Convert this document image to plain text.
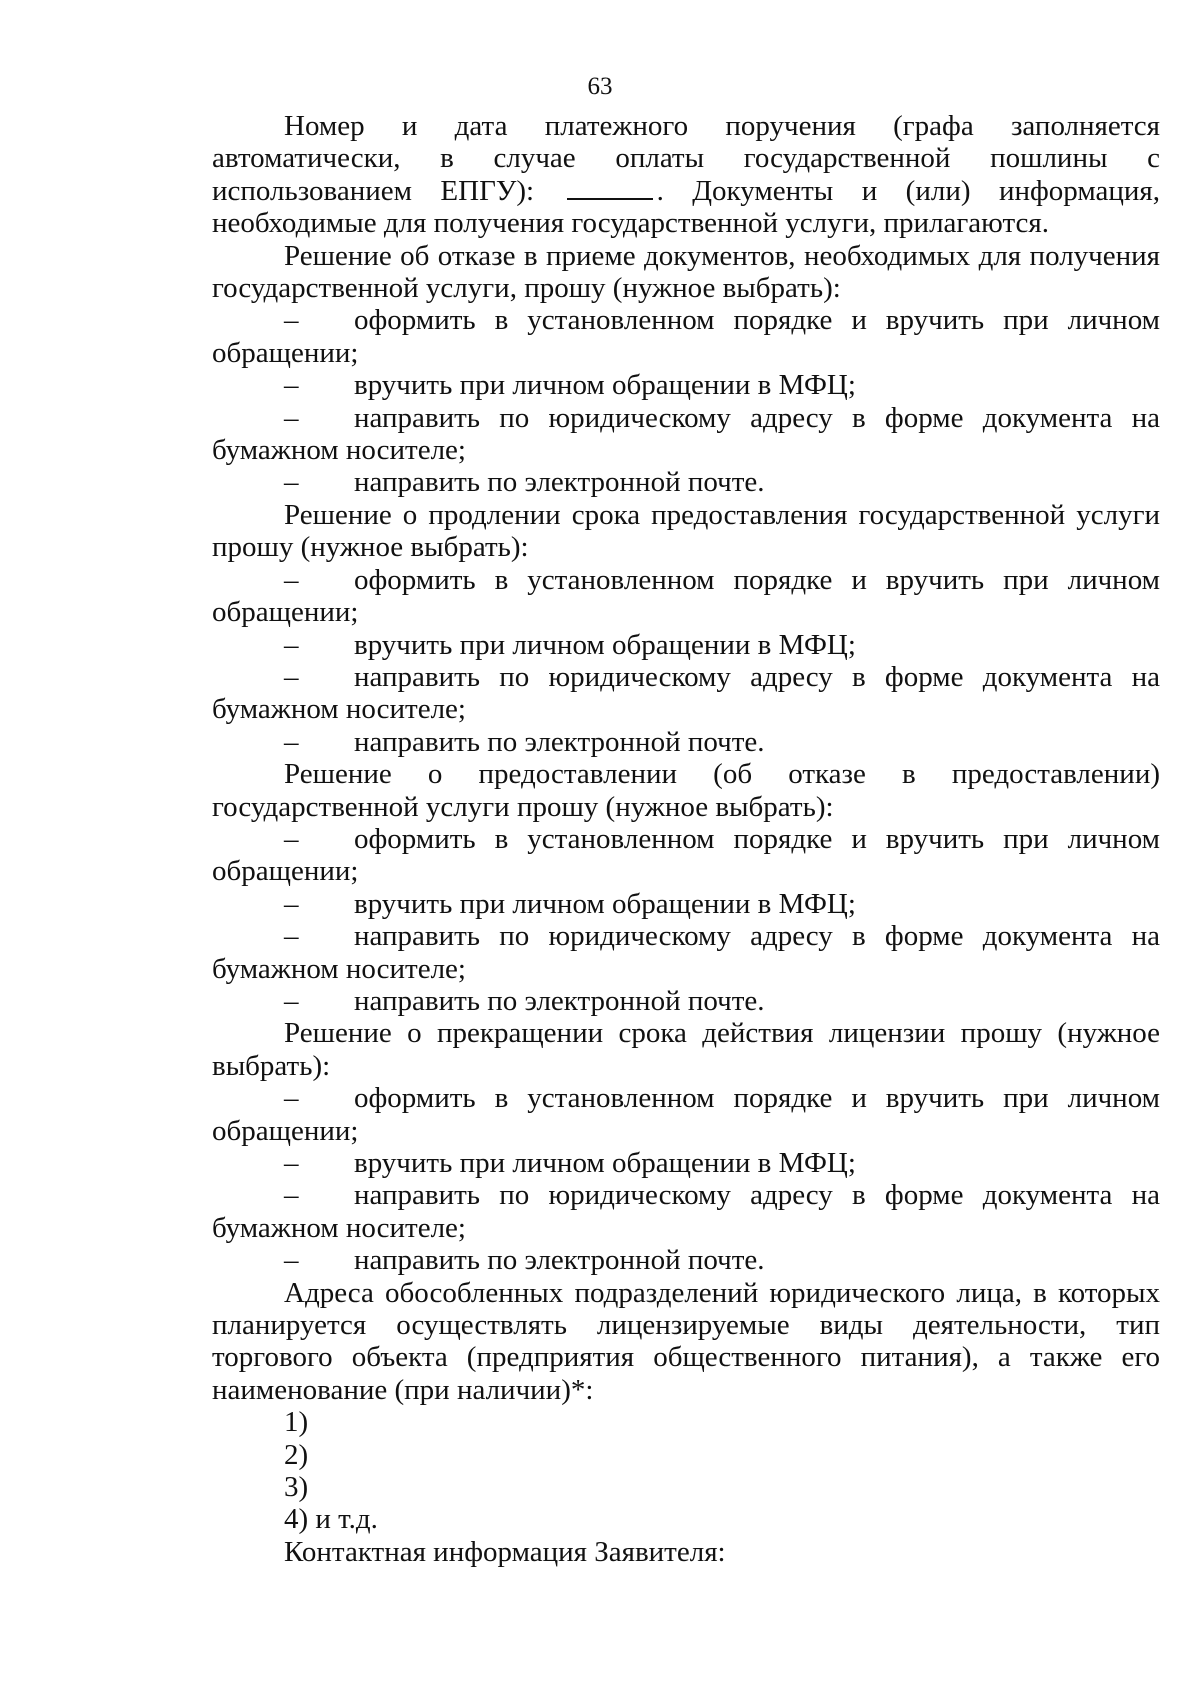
63

Номер и дата платежного поручения (графа заполняется автоматически, в случае оплаты государственной пошлины с использованием ЕПГУ):	. Документы и (или) информация, необходимые для получения государственной услуги, прилагаются.

Решение об отказе в приеме документов, необходимых для получения государственной услуги, прошу (нужное выбрать):

– оформить в установленном порядке и вручить при личном обращении;

– вручить при личном обращении в МФЦ;

– направить по юридическому адресу в форме документа на бумажном носителе;

– направить по электронной почте.

Решение о продлении срока предоставления государственной услуги прошу (нужное выбрать):

– оформить в установленном порядке и вручить при личном обращении;

– вручить при личном обращении в МФЦ;

– направить по юридическому адресу в форме документа на бумажном носителе;

– направить по электронной почте.

Решение о предоставлении (об отказе в предоставлении) государственной услуги прошу (нужное выбрать):

– оформить в установленном порядке и вручить при личном обращении;

– вручить при личном обращении в МФЦ;

– направить по юридическому адресу в форме документа на бумажном носителе;

– направить по электронной почте.

Решение о прекращении срока действия лицензии прошу (нужное выбрать):

– оформить в установленном порядке и вручить при личном обращении;

– вручить при личном обращении в МФЦ;

– направить по юридическому адресу в форме документа на бумажном носителе;

– направить по электронной почте.

Адреса обособленных подразделений юридического лица, в которых планируется осуществлять лицензируемые виды деятельности, тип торгового объекта (предприятия общественного питания), а также его наименование (при наличии)*:

1)

2)

3)

4) и т.д.

Контактная информация Заявителя:
